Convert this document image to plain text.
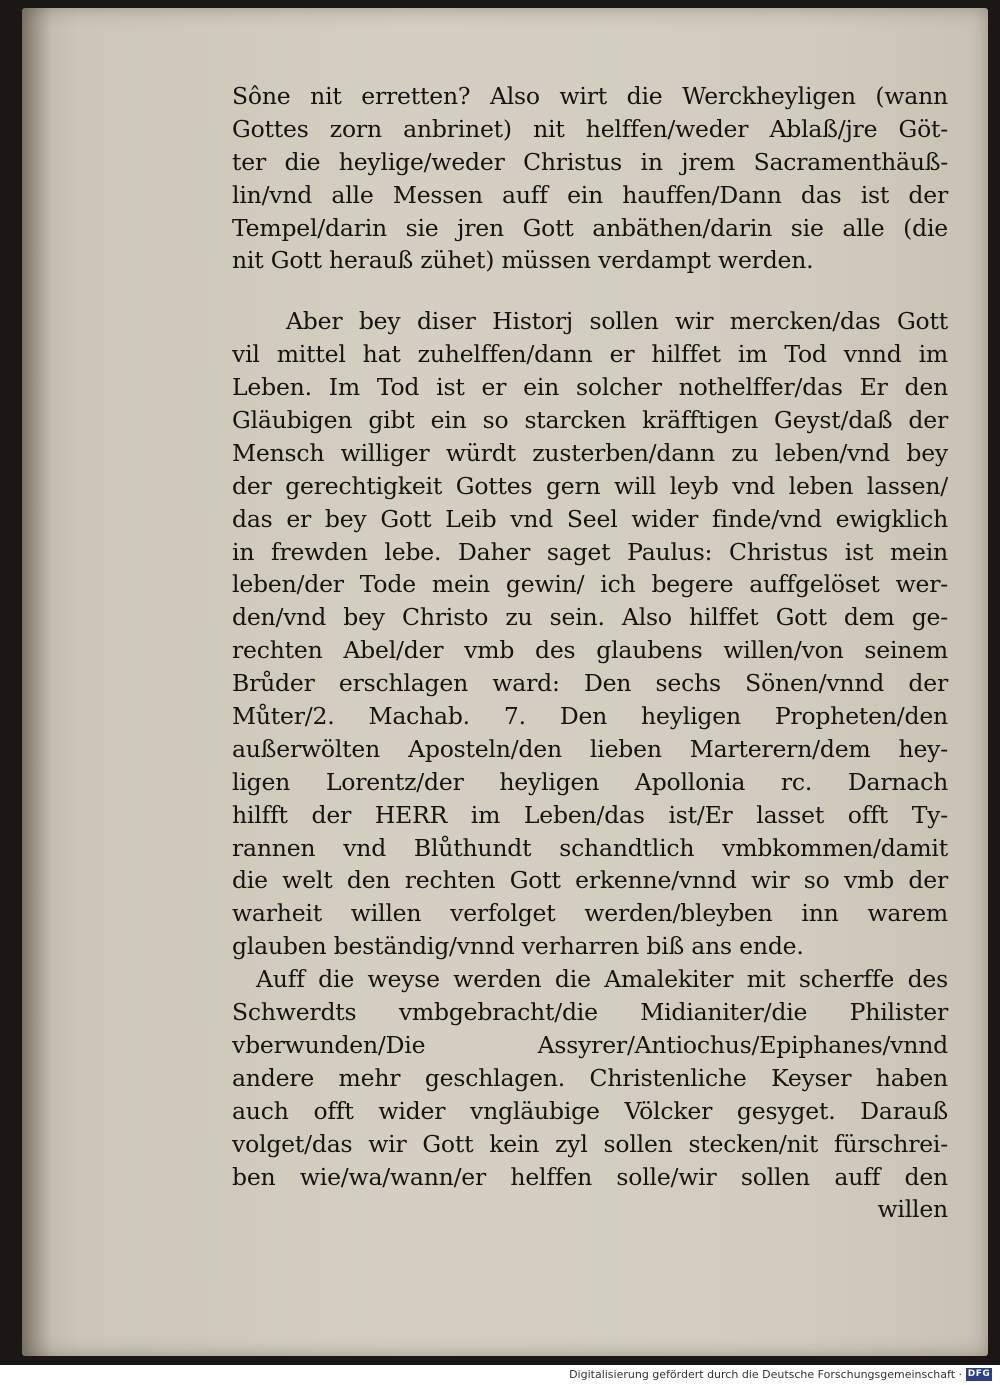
Sône nit erretten? Also wirt die Werckheyligen (wann
Gottes zorn anbrinet) nit helffen/weder Ablaß/jre Göt-
ter die heylige/weder Christus in jrem Sacramenthäuß-
lin/vnd alle Messen auff ein hauffen/Dann das ist der
Tempel/darin sie jren Gott anbäthen/darin sie alle (die
nit Gott herauß zühet) müssen verdampt werden.
Aber bey diser Historj sollen wir mercken/das Gott
vil mittel hat zuhelffen/dann er hilffet im Tod vnnd im
Leben. Im Tod ist er ein solcher nothelffer/das Er den
Gläubigen gibt ein so starcken kräfftigen Geyst/daß der
Mensch williger würdt zusterben/dann zu leben/vnd bey
der gerechtigkeit Gottes gern will leyb vnd leben lassen/
das er bey Gott Leib vnd Seel wider finde/vnd ewigklich
in frewden lebe. Daher saget Paulus: Christus ist mein
leben/der Tode mein gewin/ ich begere auffgelöset wer-
den/vnd bey Christo zu sein. Also hilffet Gott dem ge-
rechten Abel/der vmb des glaubens willen/von seinem
Brůder erschlagen ward: Den sechs Sönen/vnnd der
Můter/2. Machab. 7. Den heyligen Propheten/den
außerwölten Aposteln/den lieben Marterern/dem hey-
ligen Lorentz/der heyligen Apollonia rc. Darnach
hilfft der HERR im Leben/das ist/Er lasset offt Ty-
rannen vnd Blůthundt schandtlich vmbkommen/damit
die welt den rechten Gott erkenne/vnnd wir so vmb der
warheit willen verfolget werden/bleyben inn warem
glauben beständig/vnnd verharren biß ans ende.
Auff die weyse werden die Amalekiter mit scherffe des
Schwerdts vmbgebracht/die Midianiter/die Philister
vberwunden/Die Assyrer/Antiochus/Epiphanes/vnnd
andere mehr geschlagen. Christenliche Keyser haben
auch offt wider vngläubige Völcker gesyget. Darauß
volget/das wir Gott kein zyl sollen stecken/nit fürschrei-
ben wie/wa/wann/er helffen solle/wir sollen auff den
willen
Digitalisierung gefördert durch die Deutsche Forschungsgemeinschaft · DFG
